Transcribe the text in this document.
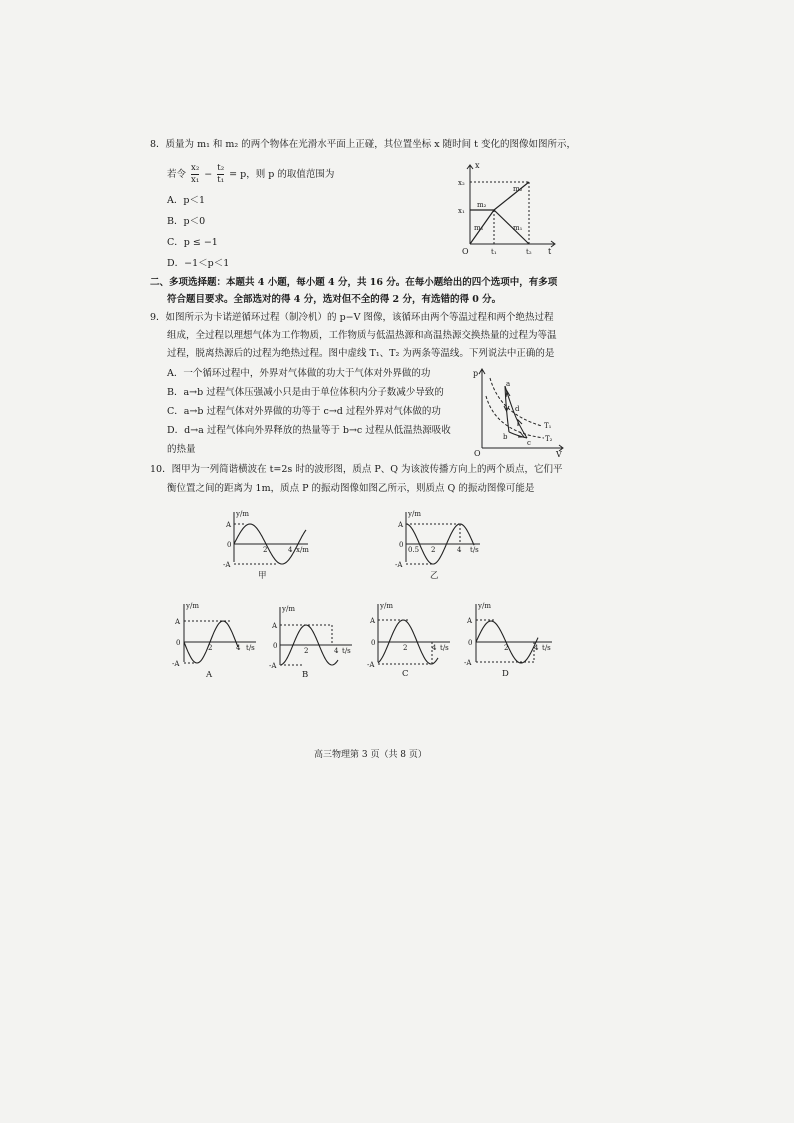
8．质量为 m₁ 和 m₂ 的两个物体在光滑水平面上正碰，其位置坐标 x 随时间 t 变化的图像如图所示，
若令 $\frac{\text{x₂}}{\text{x₁}} - \frac{\text{t₂}}{\text{t₁}} = p$，则 p 的取值范围为
A．p＜1
B．p＜0
C．p ≤ −1
D．−1＜p＜1
O
x
t
x₂
x₁
t₁	t₂
m₂
m₂
m₁	m₁
二、多项选择题：本题共 4 小题，每小题 4 分，共 16 分。在每小题给出的四个选项中，有多项
符合题目要求。全部选对的得 4 分，选对但不全的得 2 分，有选错的得 0 分。
9．如图所示为卡诺逆循环过程（制冷机）的 p−V 图像，该循环由两个等温过程和两个绝热过程
组成，全过程以理想气体为工作物质，工作物质与低温热源和高温热源交换热量的过程为等温
过程，脱离热源后的过程为绝热过程。图中虚线 T₁、T₂ 为两条等温线。下列说法中正确的是
A．一个循环过程中，外界对气体做的功大于气体对外界做的功
B．a→b 过程气体压强减小只是由于单位体积内分子数减少导致的
C．a→b 过程气体对外界做的功等于 c→d 过程外界对气体做的功
D．d→a 过程气体向外界释放的热量等于 b→c 过程从低温热源吸收
的热量	O
p
V
a
b
c
d
T₁
T₂
10．图甲为一列简谐横波在 t=2s 时的波形图，质点 P、Q 为该波传播方向上的两个质点，它们平
衡位置之间的距离为 1m，质点 P 的振动图像如图乙所示，则质点 Q 的振动图像可能是
y/m
x/m
A
-A
0
2	4
甲
y/m
t/s
A
-A
0
0.5 2	4
乙
y/m
t/s
A
-A
0
2	4
A
y/m
t/s
A
-A
0
2	4
B
y/m
t/s
A
-A
0
2	4
C
y/m
t/s
A
-A
0
2	4
D
高三物理第 3 页（共 8 页）
